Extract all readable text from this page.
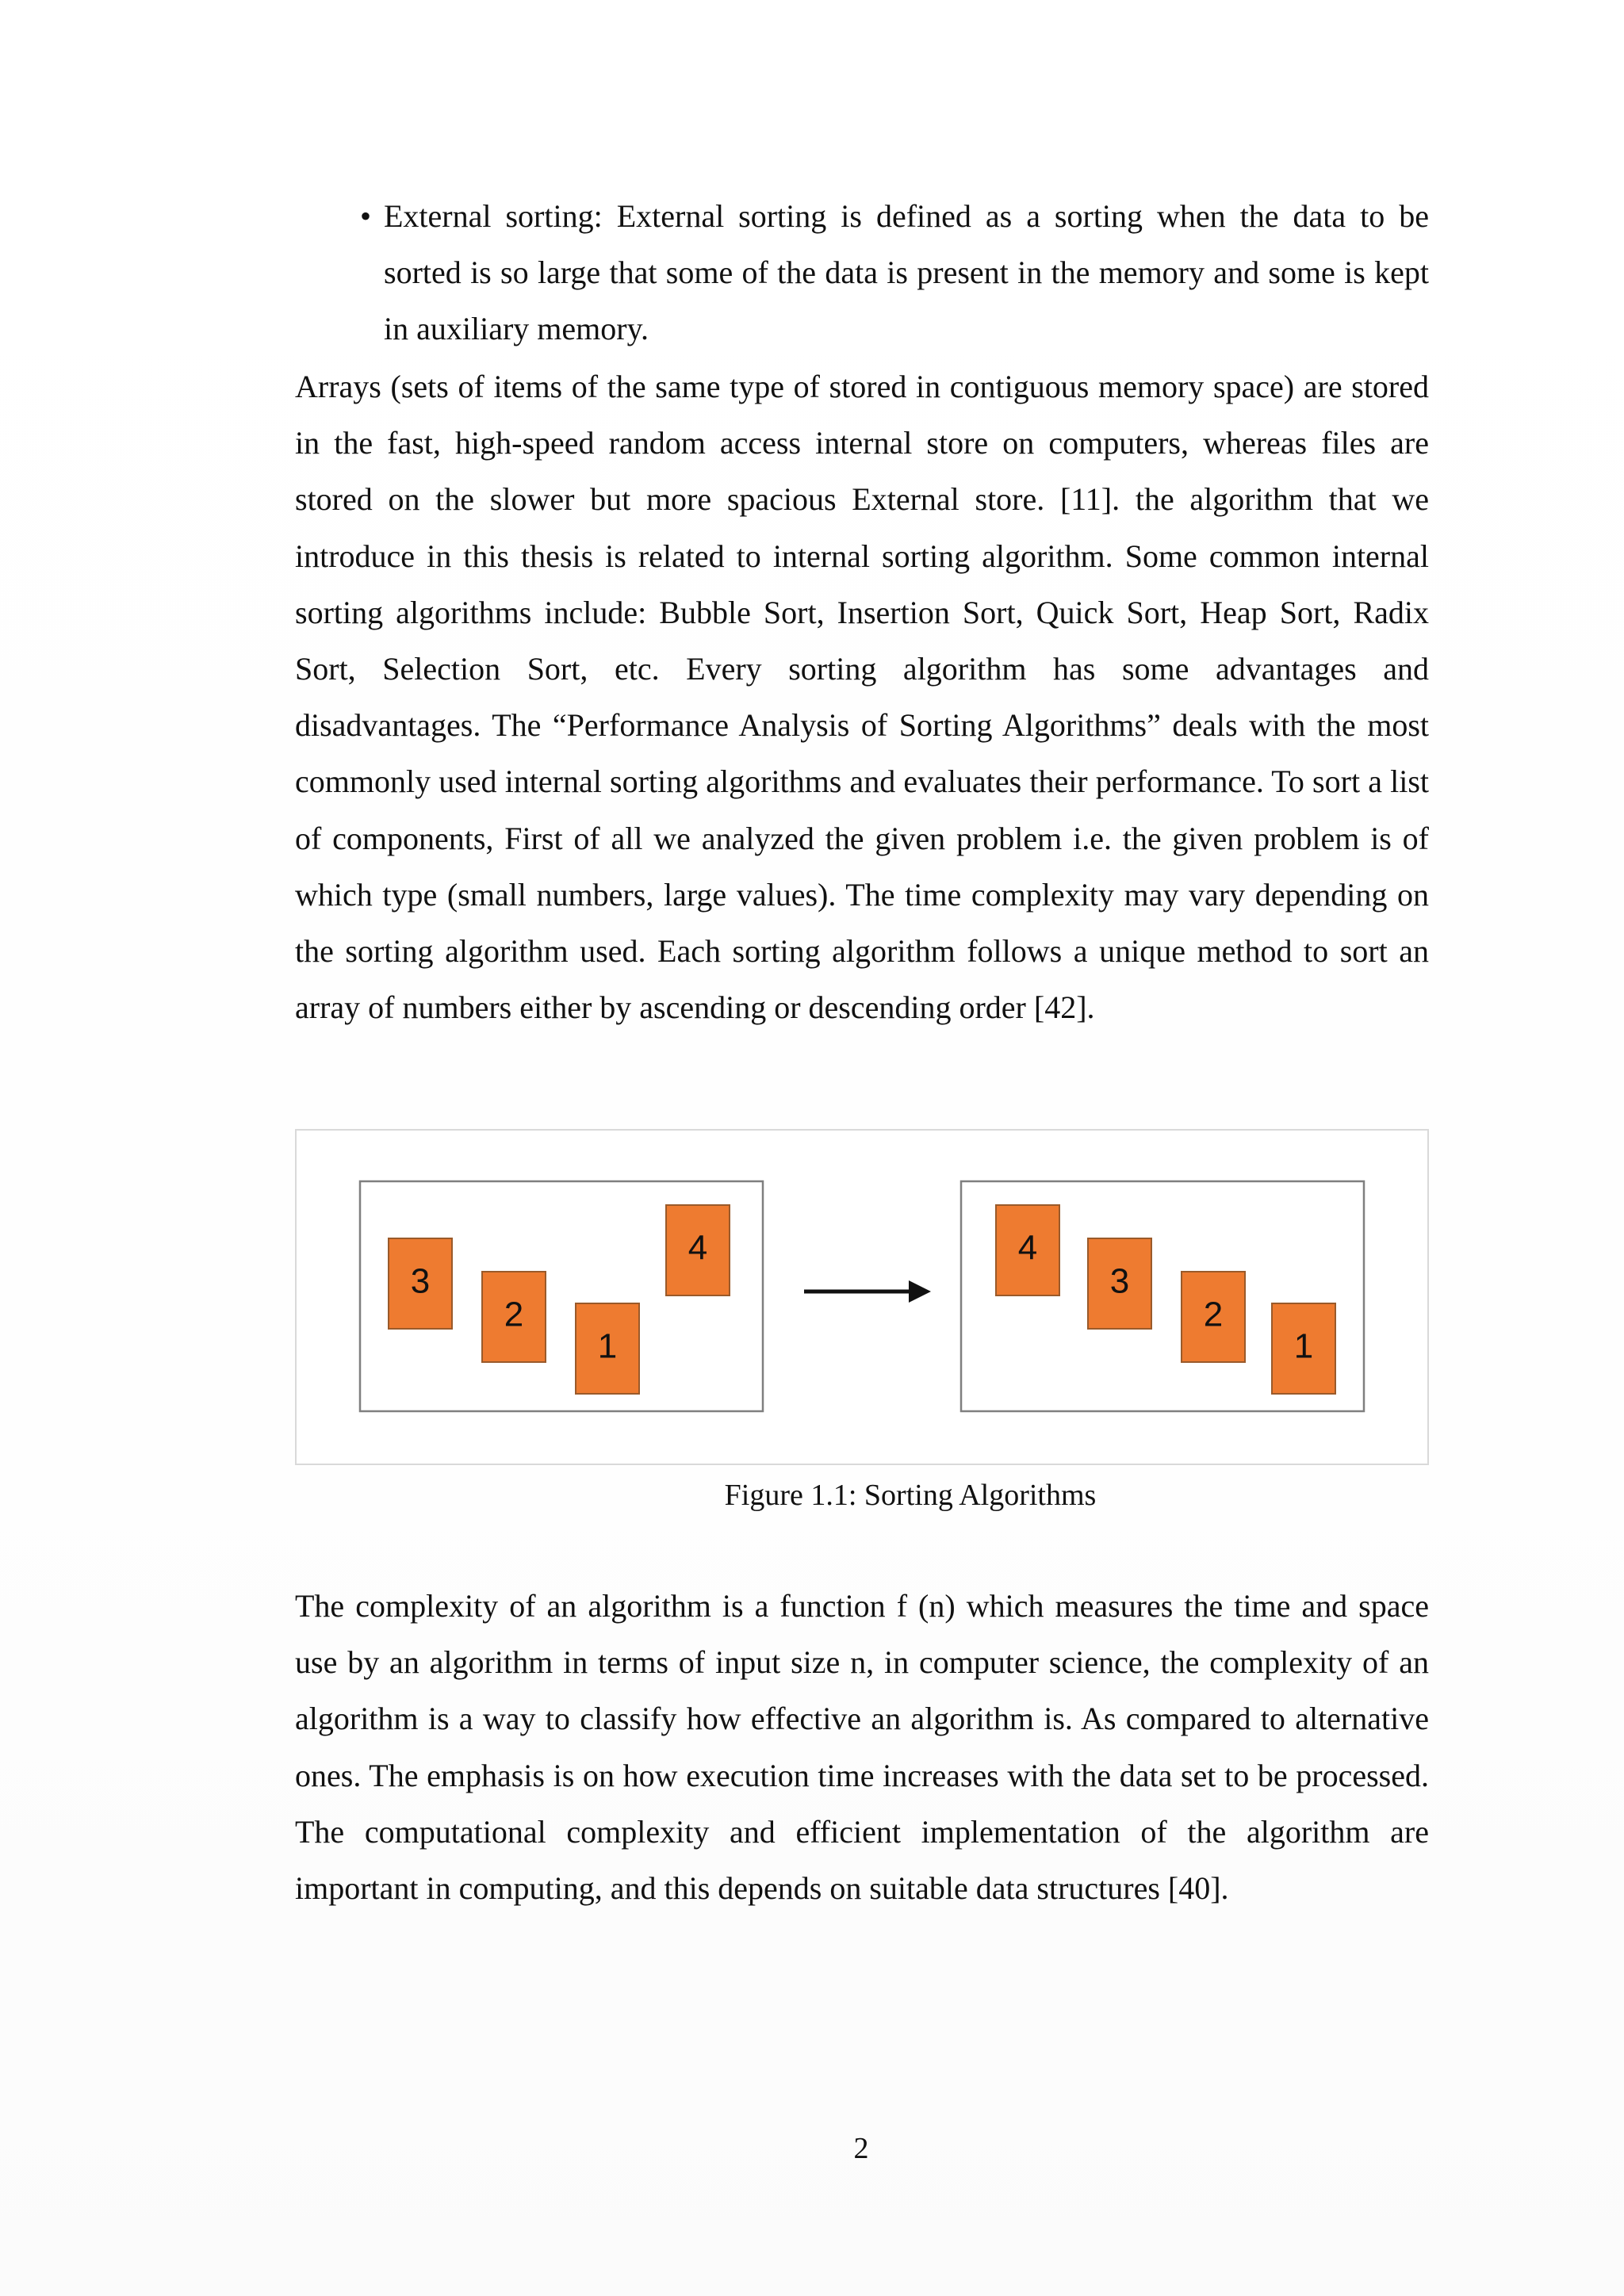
• External sorting: External sorting is defined as a sorting when the data to be sorted is so large that some of the data is present in the memory and some is kept in auxiliary memory.
Arrays (sets of items of the same type of stored in contiguous memory space) are stored in the fast, high-speed random access internal store on computers, whereas files are stored on the slower but more spacious External store. [11]. the algorithm that we introduce in this thesis is related to internal sorting algorithm. Some common internal sorting algorithms include: Bubble Sort, Insertion Sort, Quick Sort, Heap Sort, Radix Sort, Selection Sort, etc. Every sorting algorithm has some advantages and disadvantages. The “Performance Analysis of Sorting Algorithms” deals with the most commonly used internal sorting algorithms and evaluates their performance. To sort a list of components, First of all we analyzed the given problem i.e. the given problem is of which type (small numbers, large values). The time complexity may vary depending on the sorting algorithm used. Each sorting algorithm follows a unique method to sort an array of numbers either by ascending or descending order [42].
3
2
1
4	4
3
2
1
Figure 1.1: Sorting Algorithms
The complexity of an algorithm is a function f (n) which measures the time and space use by an algorithm in terms of input size n, in computer science, the complexity of an algorithm is a way to classify how effective an algorithm is. As compared to alternative ones. The emphasis is on how execution time increases with the data set to be processed. The computational complexity and efficient implementation of the algorithm are important in computing, and this depends on suitable data structures [40].
2
